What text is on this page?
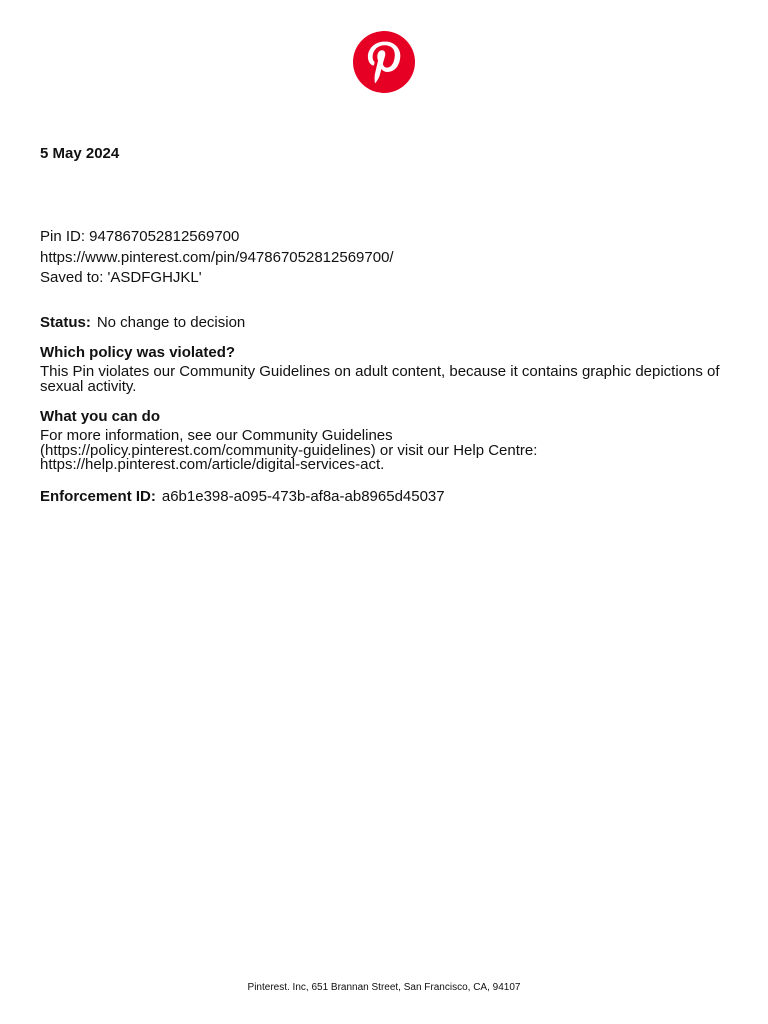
5 May 2024
Pin ID: 947867052812569700
https://www.pinterest.com/pin/947867052812569700/
Saved to: 'ASDFGHJKL'
Status: No change to decision
Which policy was violated?
This Pin violates our Community Guidelines on adult content, because it contains graphic depictions of sexual activity.
What you can do
For more information, see our Community Guidelines
(https://policy.pinterest.com/community-guidelines) or visit our Help Centre:
https://help.pinterest.com/article/digital-services-act.
Enforcement ID: a6b1e398-a095-473b-af8a-ab8965d45037
Pinterest. Inc, 651 Brannan Street, San Francisco, CA, 94107
